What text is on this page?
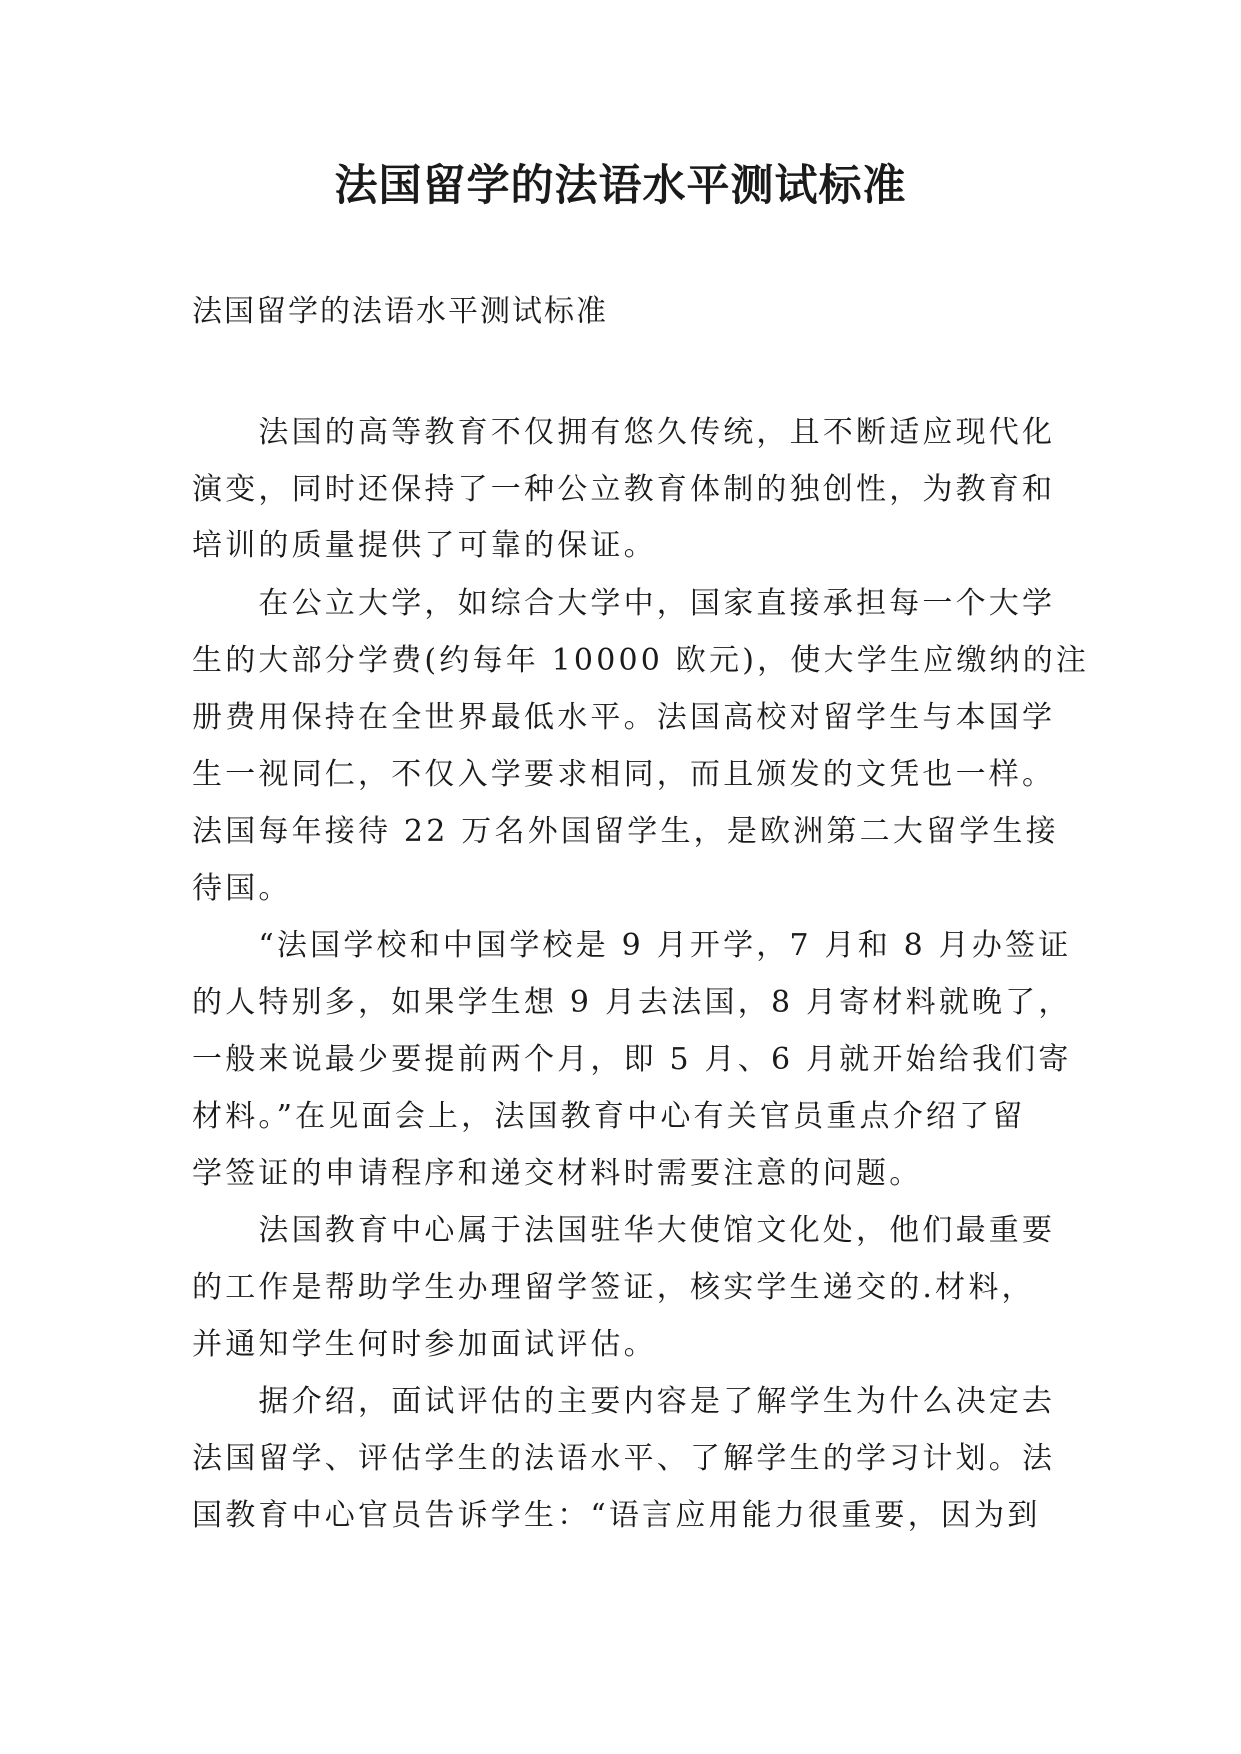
法国留学的法语水平测试标准
法国留学的法语水平测试标准
　　法国的高等教育不仅拥有悠久传统，且不断适应现代化
演变，同时还保持了一种公立教育体制的独创性，为教育和
培训的质量提供了可靠的保证。
　　在公立大学，如综合大学中，国家直接承担每一个大学
生的大部分学费(约每年 10000 欧元)，使大学生应缴纳的注
册费用保持在全世界最低水平。法国高校对留学生与本国学
生一视同仁，不仅入学要求相同，而且颁发的文凭也一样。
法国每年接待 22 万名外国留学生，是欧洲第二大留学生接
待国。
　　“法国学校和中国学校是 9 月开学，7 月和 8 月办签证
的人特别多，如果学生想 9 月去法国，8 月寄材料就晚了，
一般来说最少要提前两个月，即 5 月、6 月就开始给我们寄
材料。”在见面会上，法国教育中心有关官员重点介绍了留
学签证的申请程序和递交材料时需要注意的问题。
　　法国教育中心属于法国驻华大使馆文化处，他们最重要
的工作是帮助学生办理留学签证，核实学生递交的.材料，
并通知学生何时参加面试评估。
　　据介绍，面试评估的主要内容是了解学生为什么决定去
法国留学、评估学生的法语水平、了解学生的学习计划。法
国教育中心官员告诉学生：“语言应用能力很重要，因为到
